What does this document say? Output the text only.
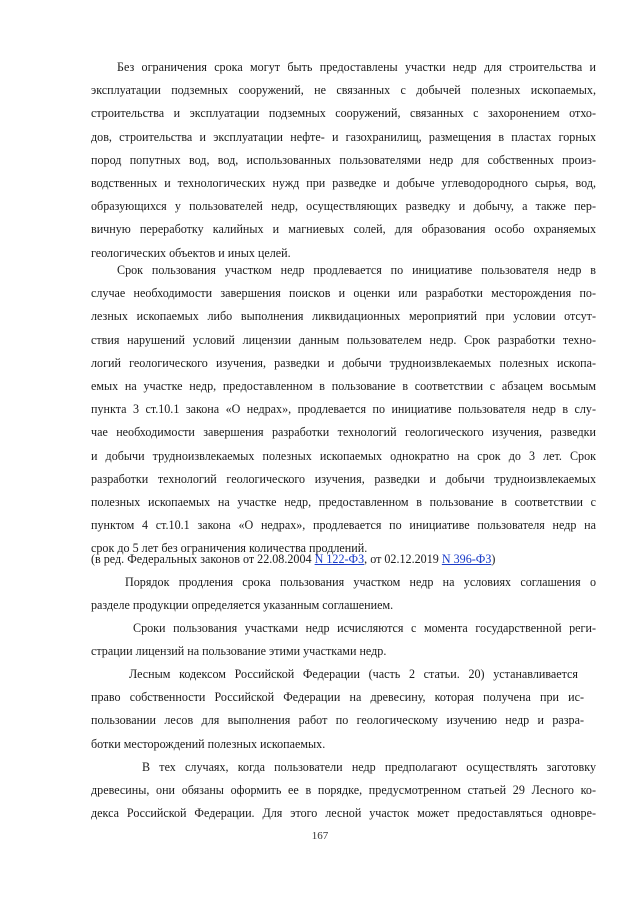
Без ограничения срока могут быть предоставлены участки недр для строительства и
эксплуатации подземных сооружений, не связанных с добычей полезных ископаемых,
строительства и эксплуатации подземных сооружений, связанных с захоронением отхо-
дов, строительства и эксплуатации нефте- и газохранилищ, размещения в пластах горных
пород попутных вод, вод, использованных пользователями недр для собственных произ-
водственных и технологических нужд при разведке и добыче углеводородного сырья, вод,
образующихся у пользователей недр, осуществляющих разведку и добычу, а также пер-
вичную переработку калийных и магниевых солей, для образования особо охраняемых
геологических объектов и иных целей.
Срок пользования участком недр продлевается по инициативе пользователя недр в
случае необходимости завершения поисков и оценки или разработки месторождения по-
лезных ископаемых либо выполнения ликвидационных мероприятий при условии отсут-
ствия нарушений условий лицензии данным пользователем недр. Срок разработки техно-
логий геологического изучения, разведки и добычи трудноизвлекаемых полезных ископа-
емых на участке недр, предоставленном в пользование в соответствии с абзацем восьмым
пункта 3 ст.10.1 закона «О недрах», продлевается по инициативе пользователя недр в слу-
чае необходимости завершения разработки технологий геологического изучения, разведки
и добычи трудноизвлекаемых полезных ископаемых однократно на срок до 3 лет. Срок
разработки технологий геологического изучения, разведки и добычи трудноизвлекаемых
полезных ископаемых на участке недр, предоставленном в пользование в соответствии с
пунктом 4 ст.10.1 закона «О недрах», продлевается по инициативе пользователя недр на
срок до 5 лет без ограничения количества продлений.
(в ред. Федеральных законов от 22.08.2004 N 122-ФЗ, от 02.12.2019 N 396-ФЗ)
Порядок продления срока пользования участком недр на условиях соглашения о
разделе продукции определяется указанным соглашением.
Сроки пользования участками недр исчисляются с момента государственной реги-
страции лицензий на пользование этими участками недр.
Лесным кодексом Российской Федерации (часть 2 статьи. 20) устанавливается
право собственности Российской Федерации на древесину, которая получена при ис-
пользовании лесов для выполнения работ по геологическому изучению недр и разра-
ботки месторождений полезных ископаемых.
В тех случаях, когда пользователи недр предполагают осуществлять заготовку
древесины, они обязаны оформить ее в порядке, предусмотренном статьей 29 Лесного ко-
декса Российской Федерации. Для этого лесной участок может предоставляться одновре-
167
